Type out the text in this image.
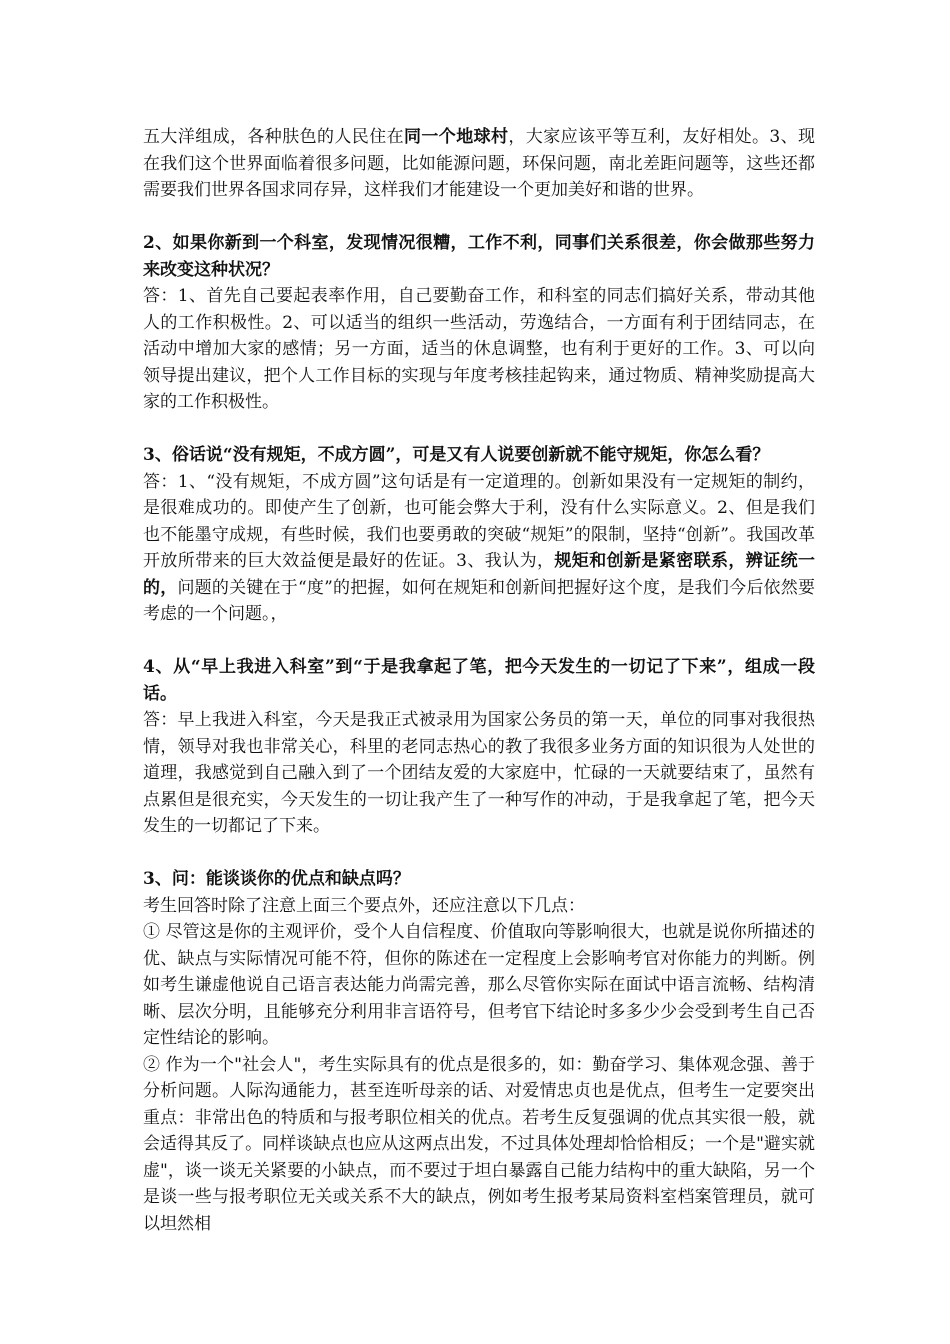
五大洋组成，各种肤色的人民住在同一个地球村，大家应该平等互利，友好相处。3、现在我们这个世界面临着很多问题，比如能源问题，环保问题，南北差距问题等，这些还都需要我们世界各国求同存异，这样我们才能建设一个更加美好和谐的世界。

2、如果你新到一个科室，发现情况很糟，工作不利，同事们关系很差，你会做那些努力来改变这种状况？

答：1、首先自己要起表率作用，自己要勤奋工作，和科室的同志们搞好关系，带动其他人的工作积极性。2、可以适当的组织一些活动，劳逸结合，一方面有利于团结同志，在活动中增加大家的感情；另一方面，适当的休息调整，也有利于更好的工作。3、可以向领导提出建议，把个人工作目标的实现与年度考核挂起钩来，通过物质、精神奖励提高大家的工作积极性。

3、俗话说“没有规矩，不成方圆”，可是又有人说要创新就不能守规矩，你怎么看？

答：1、“没有规矩，不成方圆”这句话是有一定道理的。创新如果没有一定规矩的制约，是很难成功的。即使产生了创新，也可能会弊大于利，没有什么实际意义。2、但是我们也不能墨守成规，有些时候，我们也要勇敢的突破“规矩”的限制，坚持“创新”。我国改革开放所带来的巨大效益便是最好的佐证。3、我认为，规矩和创新是紧密联系，辨证统一的，问题的关键在于“度”的把握，如何在规矩和创新间把握好这个度，是我们今后依然要考虑的一个问题。，

4、从“早上我进入科室”到“于是我拿起了笔，把今天发生的一切记了下来”，组成一段话。

答：早上我进入科室，今天是我正式被录用为国家公务员的第一天，单位的同事对我很热情，领导对我也非常关心，科里的老同志热心的教了我很多业务方面的知识很为人处世的道理，我感觉到自己融入到了一个团结友爱的大家庭中，忙碌的一天就要结束了，虽然有点累但是很充实，今天发生的一切让我产生了一种写作的冲动，于是我拿起了笔，把今天发生的一切都记了下来。

3、问：能谈谈你的优点和缺点吗？

考生回答时除了注意上面三个要点外，还应注意以下几点：

① 尽管这是你的主观评价，受个人自信程度、价值取向等影响很大，也就是说你所描述的优、缺点与实际情况可能不符，但你的陈述在一定程度上会影响考官对你能力的判断。例如考生谦虚他说自己语言表达能力尚需完善，那么尽管你实际在面试中语言流畅、结构清晰、层次分明，且能够充分利用非言语符号，但考官下结论时多多少少会受到考生自己否定性结论的影响。

② 作为一个"社会人"，考生实际具有的优点是很多的，如：勤奋学习、集体观念强、善于分析问题。人际沟通能力，甚至连听母亲的话、对爱情忠贞也是优点，但考生一定要突出重点：非常出色的特质和与报考职位相关的优点。若考生反复强调的优点其实很一般，就会适得其反了。同样谈缺点也应从这两点出发，不过具体处理却恰恰相反；一个是"避实就虚"，谈一谈无关紧要的小缺点，而不要过于坦白暴露自己能力结构中的重大缺陷，另一个是谈一些与报考职位无关或关系不大的缺点，例如考生报考某局资料室档案管理员，就可以坦然相
